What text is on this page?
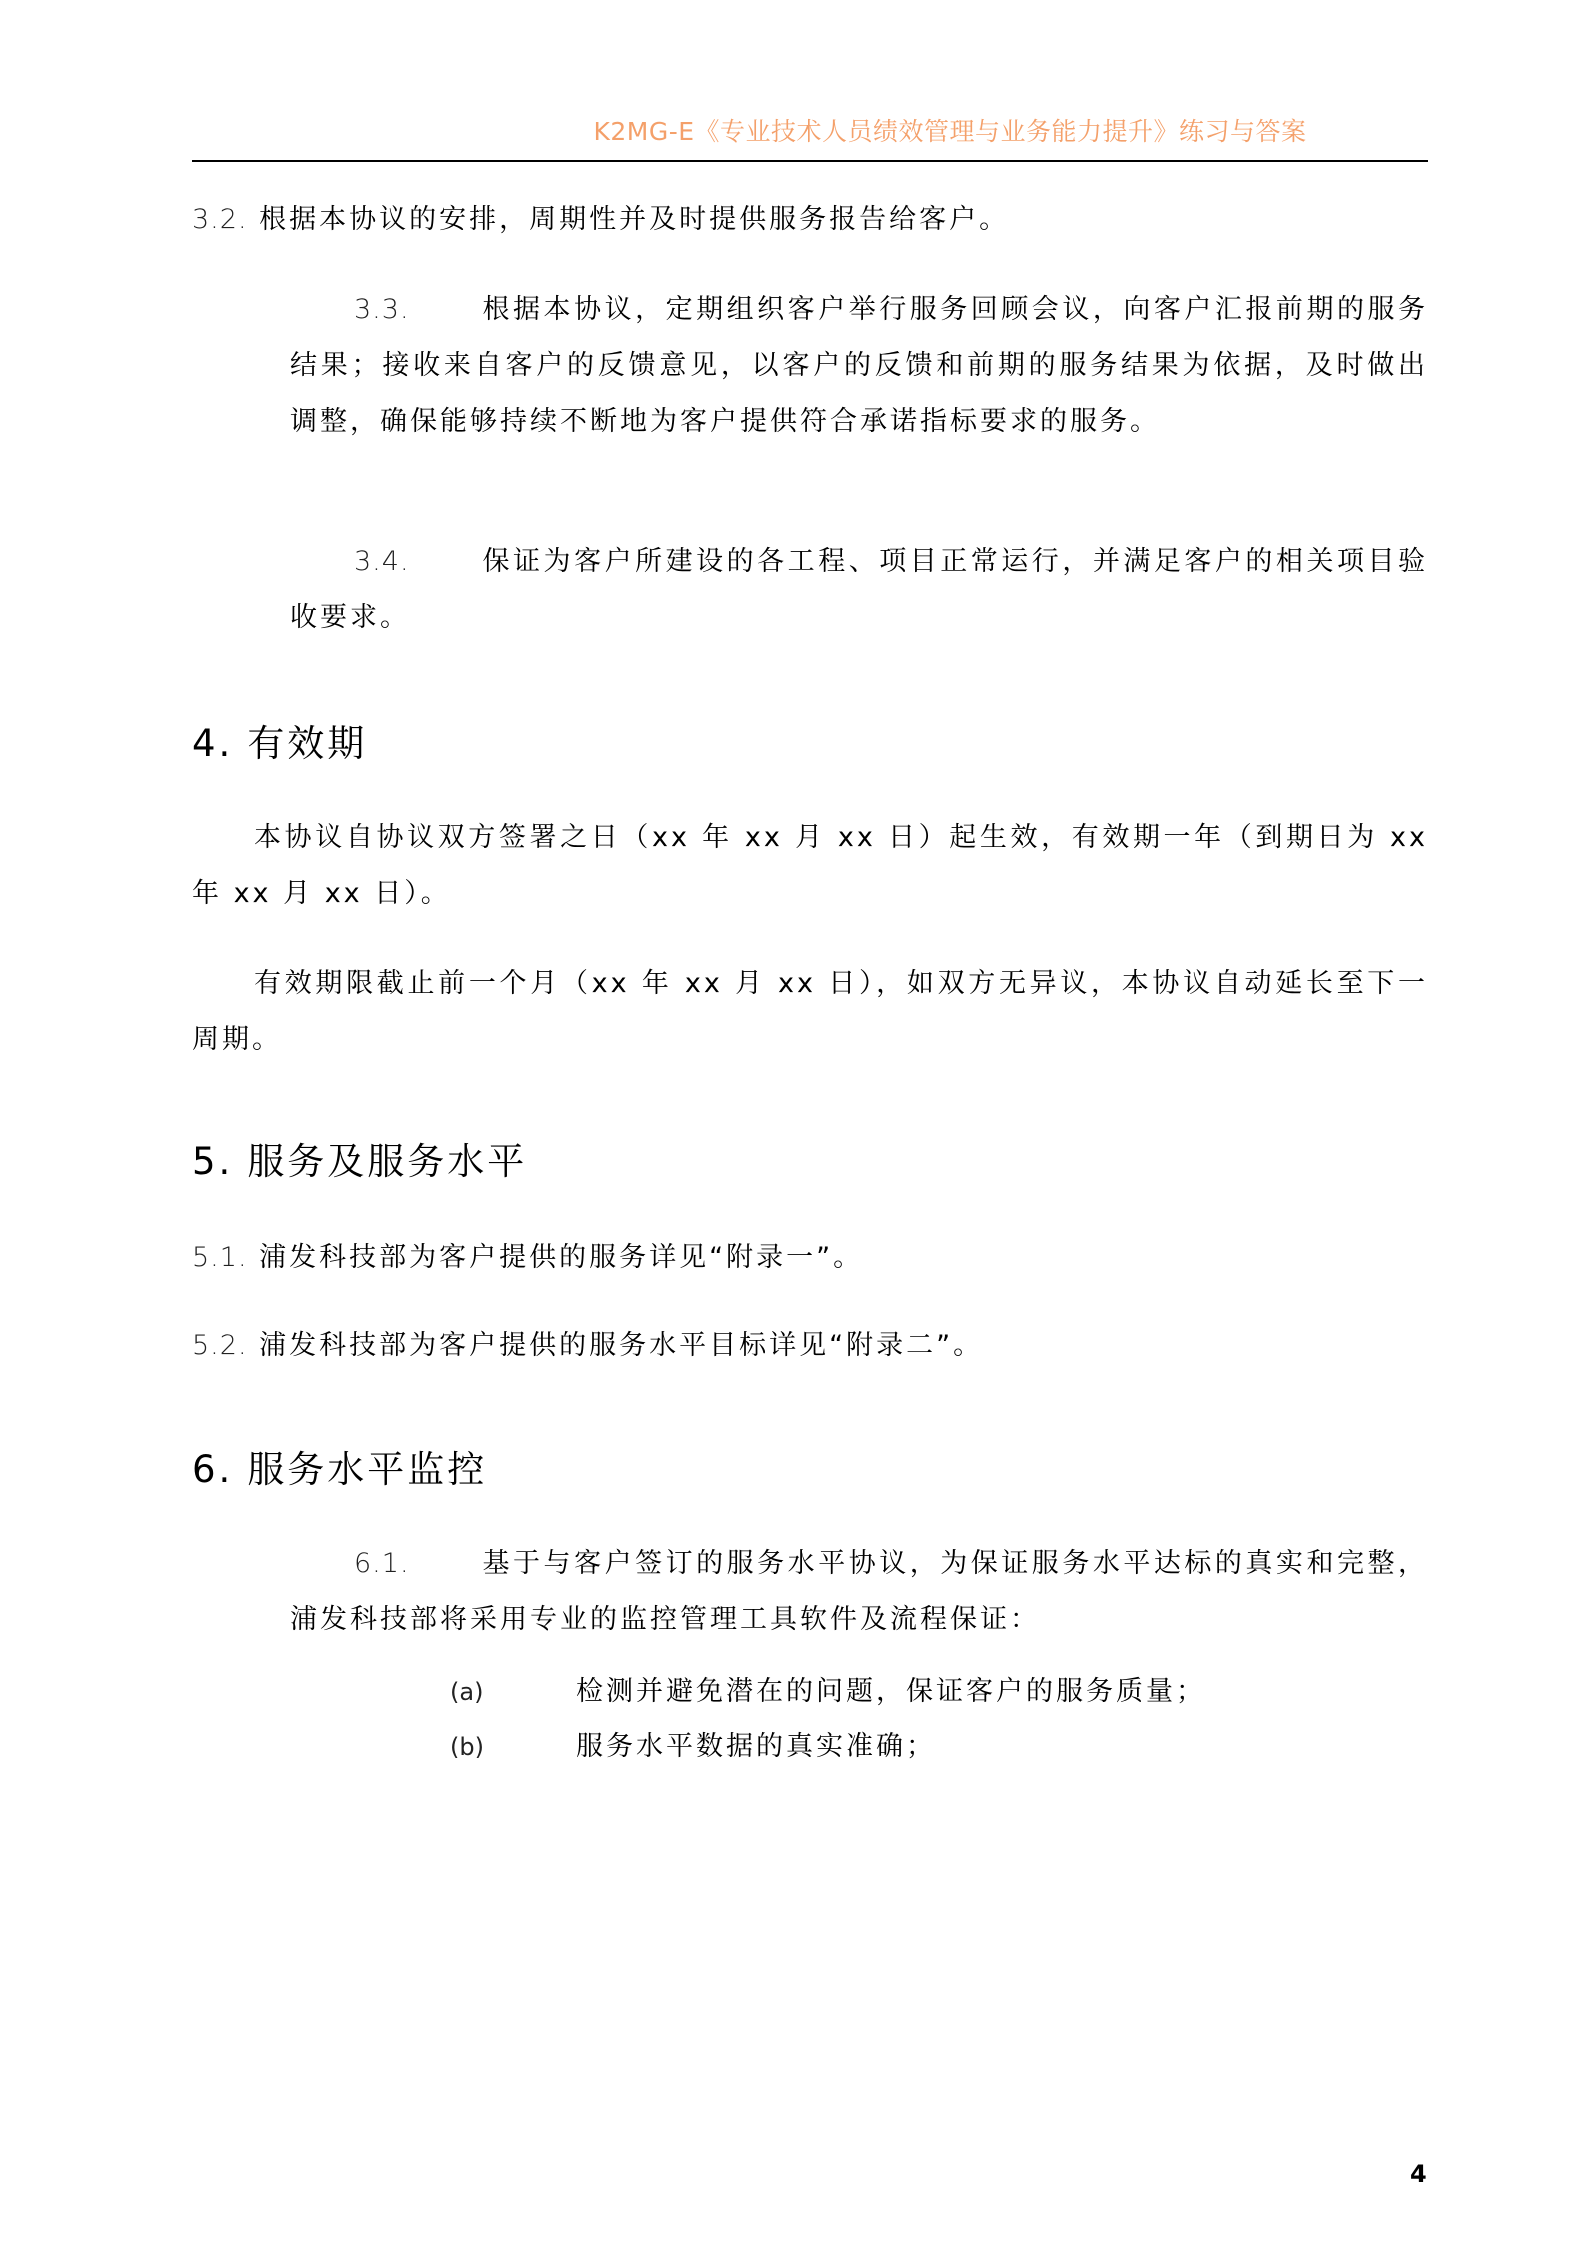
K2MG-E《专业技术人员绩效管理与业务能力提升》练习与答案
3.2. 根据本协议的安排，周期性并及时提供服务报告给客户。
3.3.	根据本协议，定期组织客户举行服务回顾会议，向客户汇报前期的服务结果；接收来自客户的反馈意见，以客户的反馈和前期的服务结果为依据，及时做出调整，确保能够持续不断地为客户提供符合承诺指标要求的服务。
3.4.	保证为客户所建设的各工程、项目正常运行，并满足客户的相关项目验收要求。
4. 有效期
本协议自协议双方签署之日（xx 年 xx 月 xx 日）起生效，有效期一年（到期日为 xx 年 xx 月 xx 日）。
有效期限截止前一个月（xx 年 xx 月 xx 日），如双方无异议，本协议自动延长至下一周期。
5. 服务及服务水平
5.1. 浦发科技部为客户提供的服务详见“附录一”。
5.2. 浦发科技部为客户提供的服务水平目标详见“附录二”。
6. 服务水平监控
6.1.	基于与客户签订的服务水平协议，为保证服务水平达标的真实和完整，浦发科技部将采用专业的监控管理工具软件及流程保证：
(a)	检测并避免潜在的问题，保证客户的服务质量；
(b)	服务水平数据的真实准确；
4
